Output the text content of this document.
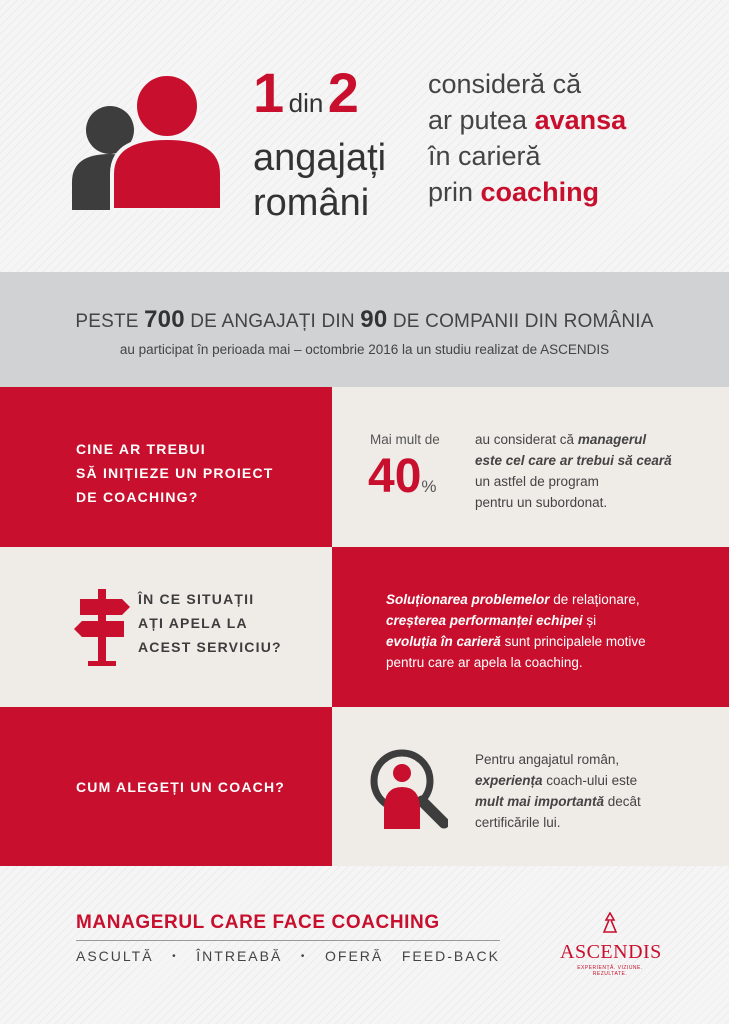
1 din 2
angajați
români
consideră că
ar putea avansa
în carieră
prin coaching
PESTE 700 DE ANGAJAȚI DIN 90 DE COMPANII DIN ROMÂNIA
au participat în perioada mai – octombrie 2016 la un studiu realizat de ASCENDIS
CINE AR TREBUI
SĂ INIȚIEZE UN PROIECT
DE COACHING?
Mai mult de
40%
au considerat că managerul
este cel care ar trebui să ceară
un astfel de program
pentru un subordonat.
ÎN CE SITUAȚII
AȚI APELA LA
ACEST SERVICIU?
Soluționarea problemelor de relaționare,
creșterea performanței echipei și
evoluția în carieră sunt principalele motive
pentru care ar apela la coaching.
CUM ALEGEȚI UN COACH?
Pentru angajatul român,
experiența coach-ului este
mult mai importantă decât
certificările lui.
MANAGERUL CARE FACE COACHING
ASCULTĂ • ÎNTREABĂ • OFERĂ FEED-BACK	ASCENDIS
EXPERIENȚĂ. VIZIUNE. REZULTATE.
